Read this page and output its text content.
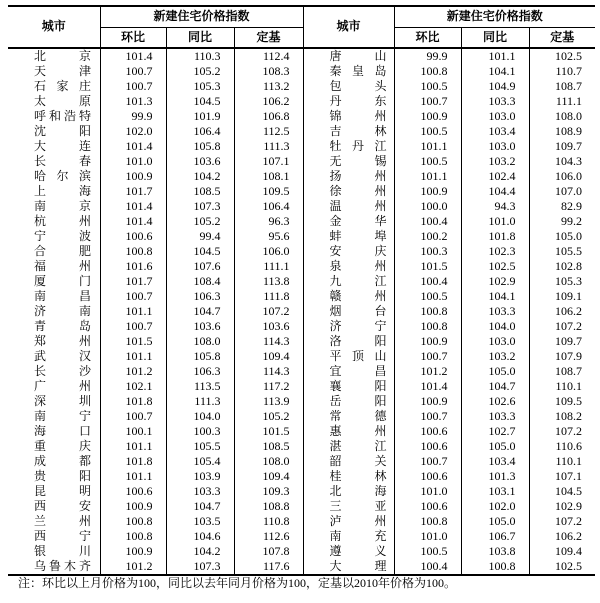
城市	新建住宅价格指数			城市	新建住宅价格指数		
	环比	同比	定基		环比	同比	定基
北京	101.4	110.3	112.4	唐山	99.9	101.1	102.5
天津	100.7	105.2	108.3	秦皇岛	100.8	104.1	110.7
石家庄	100.7	105.3	113.2	包头	100.5	104.9	108.7
太原	101.3	104.5	106.2	丹东	100.7	103.3	111.1
呼和浩特	99.9	101.9	106.8	锦州	100.9	103.0	108.0
沈阳	102.0	106.4	112.5	吉林	100.5	103.4	108.9
大连	101.4	105.8	111.3	牡丹江	101.1	103.0	109.7
长春	101.0	103.6	107.1	无锡	100.5	103.2	104.3
哈尔滨	100.9	104.2	108.1	扬州	101.1	102.4	106.0
上海	101.7	108.5	109.5	徐州	100.9	104.4	107.0
南京	101.4	107.3	106.4	温州	100.0	94.3	82.9
杭州	101.4	105.2	96.3	金华	100.4	101.0	99.2
宁波	100.6	99.4	95.6	蚌埠	100.2	101.8	105.0
合肥	100.8	104.5	106.0	安庆	100.3	102.3	105.5
福州	101.6	107.6	111.1	泉州	101.5	102.5	102.8
厦门	101.7	108.4	113.8	九江	100.4	102.9	105.3
南昌	100.7	106.3	111.8	赣州	100.5	104.1	109.1
济南	101.1	104.7	107.2	烟台	100.8	103.3	106.2
青岛	100.7	103.6	103.6	济宁	100.8	104.0	107.2
郑州	101.5	108.0	114.3	洛阳	100.9	103.0	109.7
武汉	101.1	105.8	109.4	平顶山	100.7	103.2	107.9
长沙	101.2	106.3	114.3	宜昌	101.2	105.0	108.7
广州	102.1	113.5	117.2	襄阳	101.4	104.7	110.1
深圳	101.8	111.3	113.9	岳阳	100.9	102.6	109.5
南宁	100.7	104.0	105.2	常德	100.7	103.3	108.2
海口	100.1	100.3	101.5	惠州	100.6	102.7	107.2
重庆	101.1	105.5	108.5	湛江	100.6	105.0	110.6
成都	101.8	105.4	108.0	韶关	100.7	103.4	110.1
贵阳	101.1	103.9	109.4	桂林	100.6	101.3	107.1
昆明	100.6	103.3	109.3	北海	101.0	103.1	104.5
西安	100.9	104.7	108.8	三亚	100.6	102.0	102.9
兰州	100.8	103.5	110.8	泸州	100.8	105.0	107.2
西宁	100.8	104.6	112.6	南充	101.0	106.7	106.2
银川	100.9	104.2	107.8	遵义	100.5	103.8	109.4
乌鲁木齐	101.2	107.3	117.6	大理	100.4	100.8	102.5
注：环比以上月价格为100，同比以去年同月价格为100，定基以2010年价格为100。
